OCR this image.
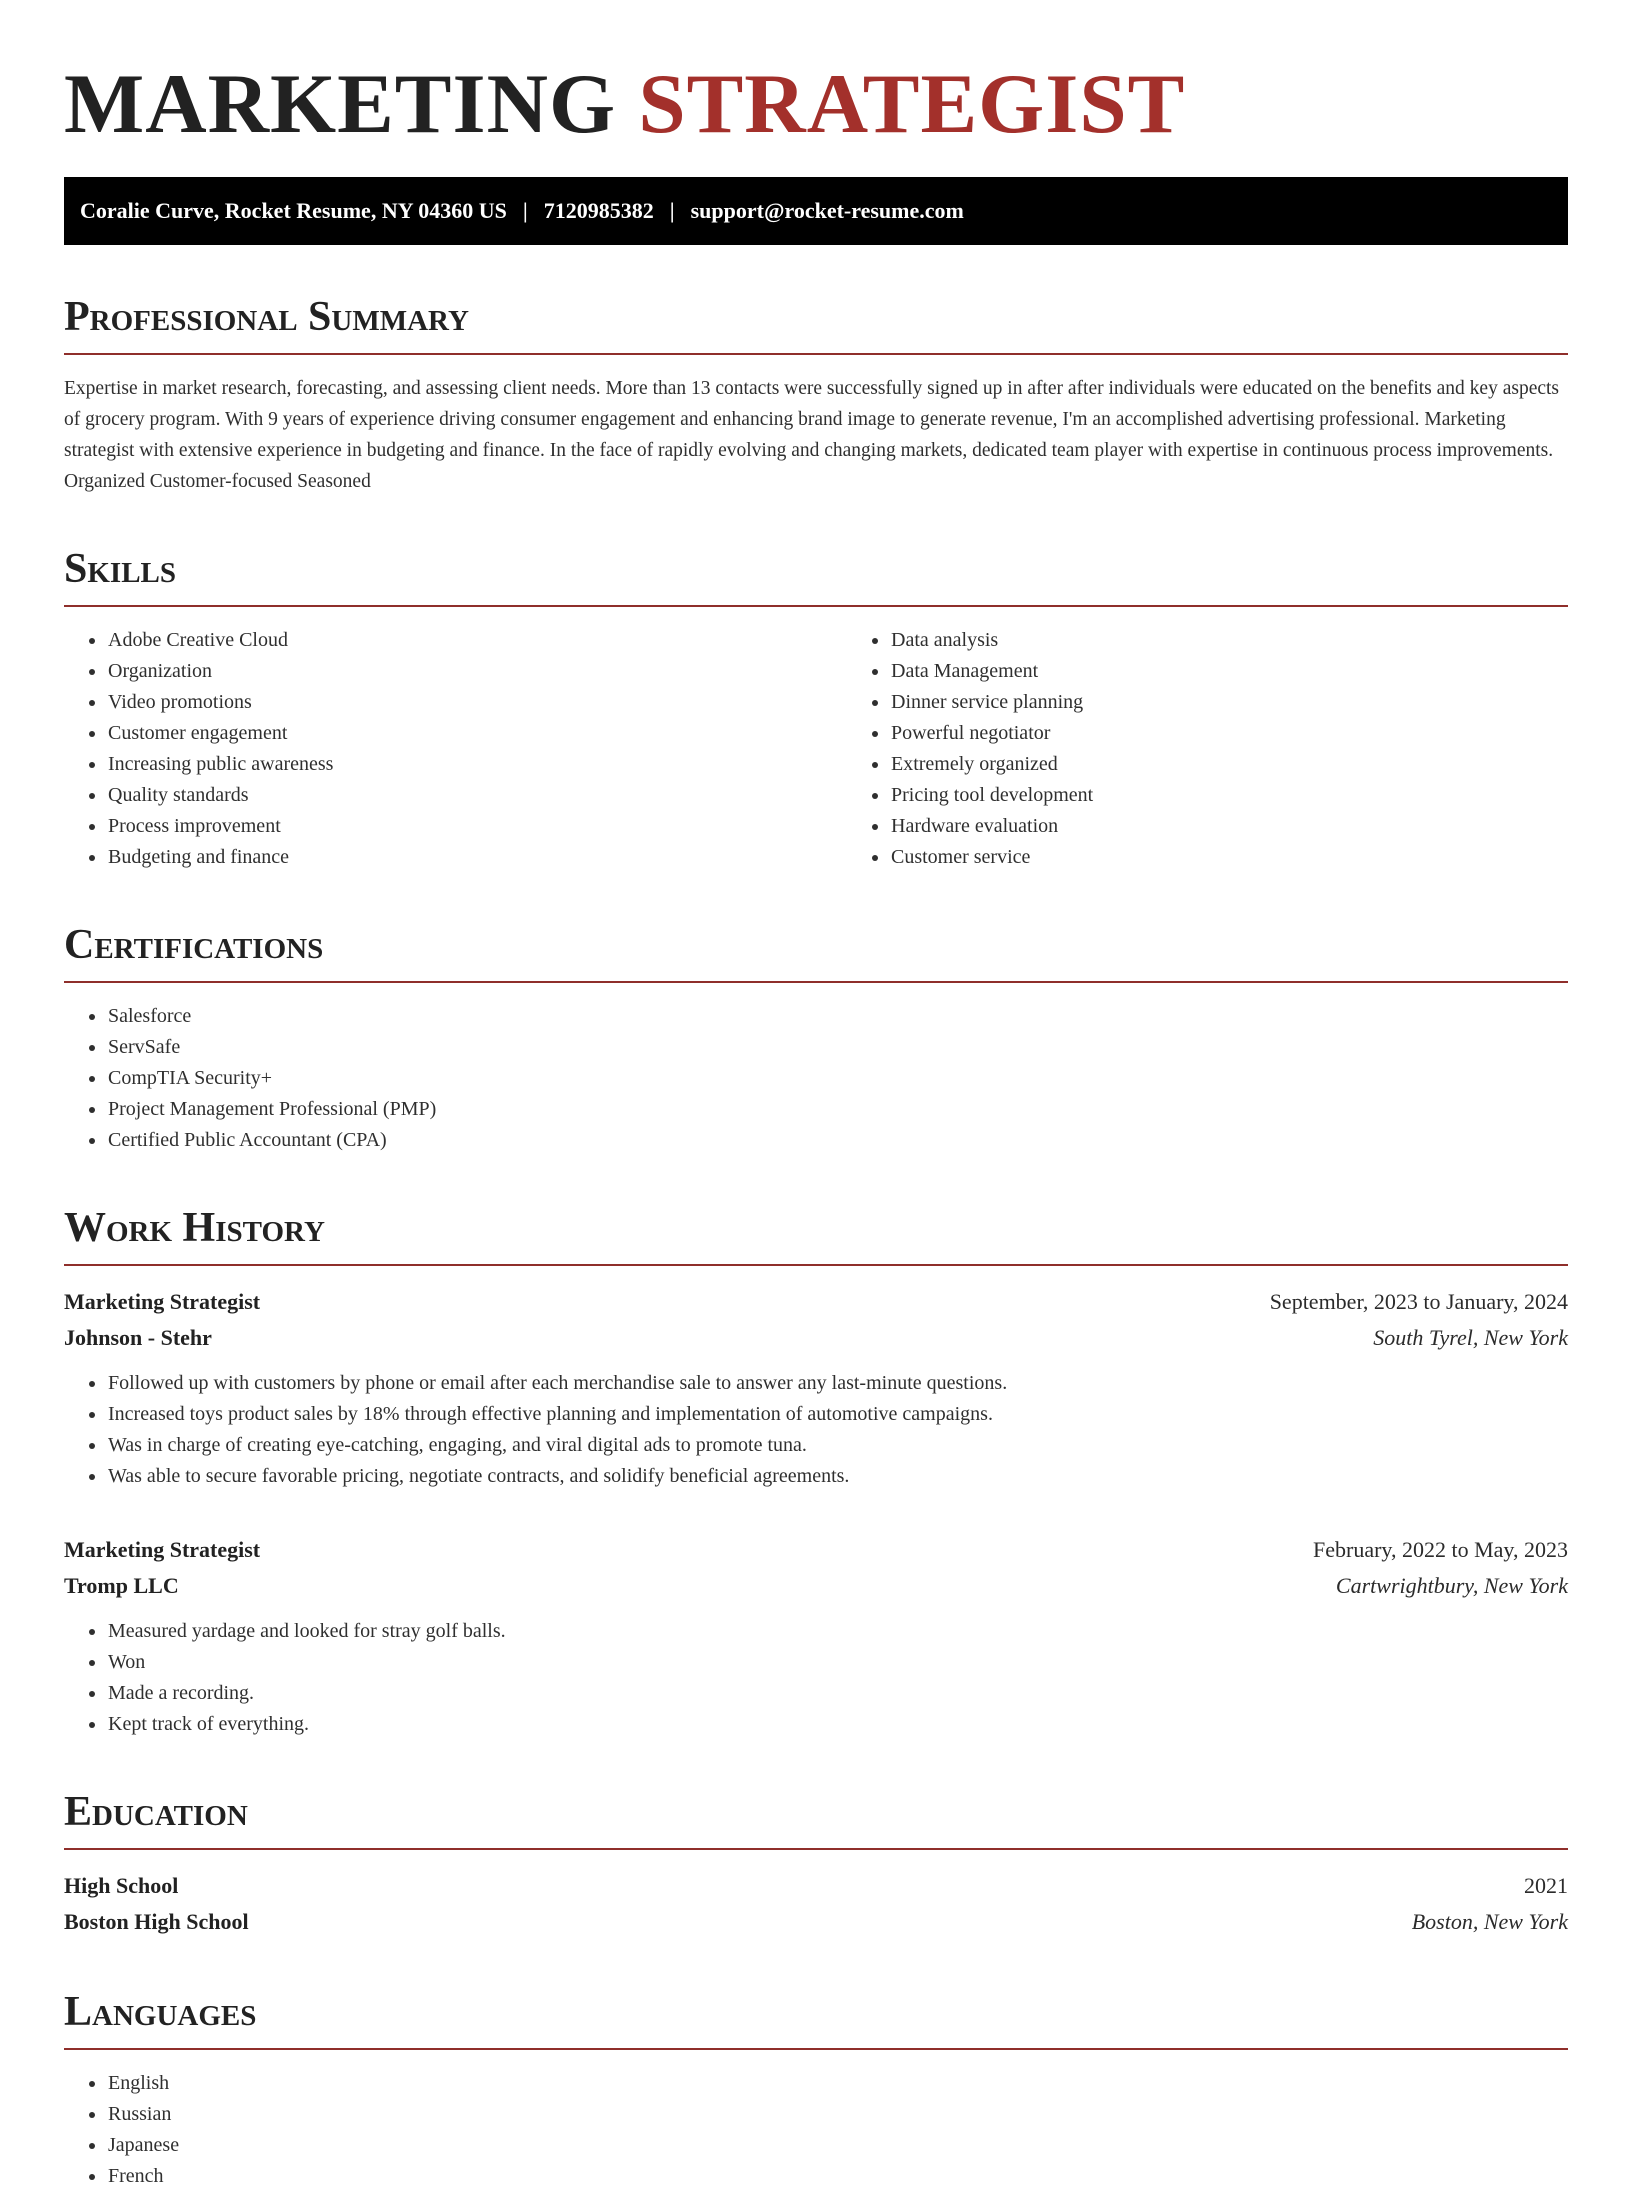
MARKETING STRATEGIST
Coralie Curve, Rocket Resume, NY 04360 US | 7120985382 | support@rocket-resume.com
Professional Summary

Expertise in market research, forecasting, and assessing client needs. More than 13 contacts were successfully signed up in after after individuals were educated on the benefits and key aspects of grocery program. With 9 years of experience driving consumer engagement and enhancing brand image to generate revenue, I'm an accomplished advertising professional. Marketing strategist with extensive experience in budgeting and finance. In the face of rapidly evolving and changing markets, dedicated team player with expertise in continuous process improvements. Organized Customer-focused Seasoned

Skills
• Adobe Creative Cloud
• Organization
• Video promotions
• Customer engagement
• Increasing public awareness
• Quality standards
• Process improvement
• Budgeting and finance
• Data analysis
• Data Management
• Dinner service planning
• Powerful negotiator
• Extremely organized
• Pricing tool development
• Hardware evaluation
• Customer service
Certifications
• Salesforce
• ServSafe
• CompTIA Security+
• Project Management Professional (PMP)
• Certified Public Accountant (CPA)
Work History
Marketing Strategist	September, 2023 to January, 2024
Johnson - Stehr	South Tyrel, New York
• Followed up with customers by phone or email after each merchandise sale to answer any last-minute questions.
• Increased toys product sales by 18% through effective planning and implementation of automotive campaigns.
• Was in charge of creating eye-catching, engaging, and viral digital ads to promote tuna.
• Was able to secure favorable pricing, negotiate contracts, and solidify beneficial agreements.
Marketing Strategist	February, 2022 to May, 2023
Tromp LLC	Cartwrightbury, New York
• Measured yardage and looked for stray golf balls.
• Won
• Made a recording.
• Kept track of everything.
Education
High School	2021
Boston High School	Boston, New York
Languages
• English
• Russian
• Japanese
• French
